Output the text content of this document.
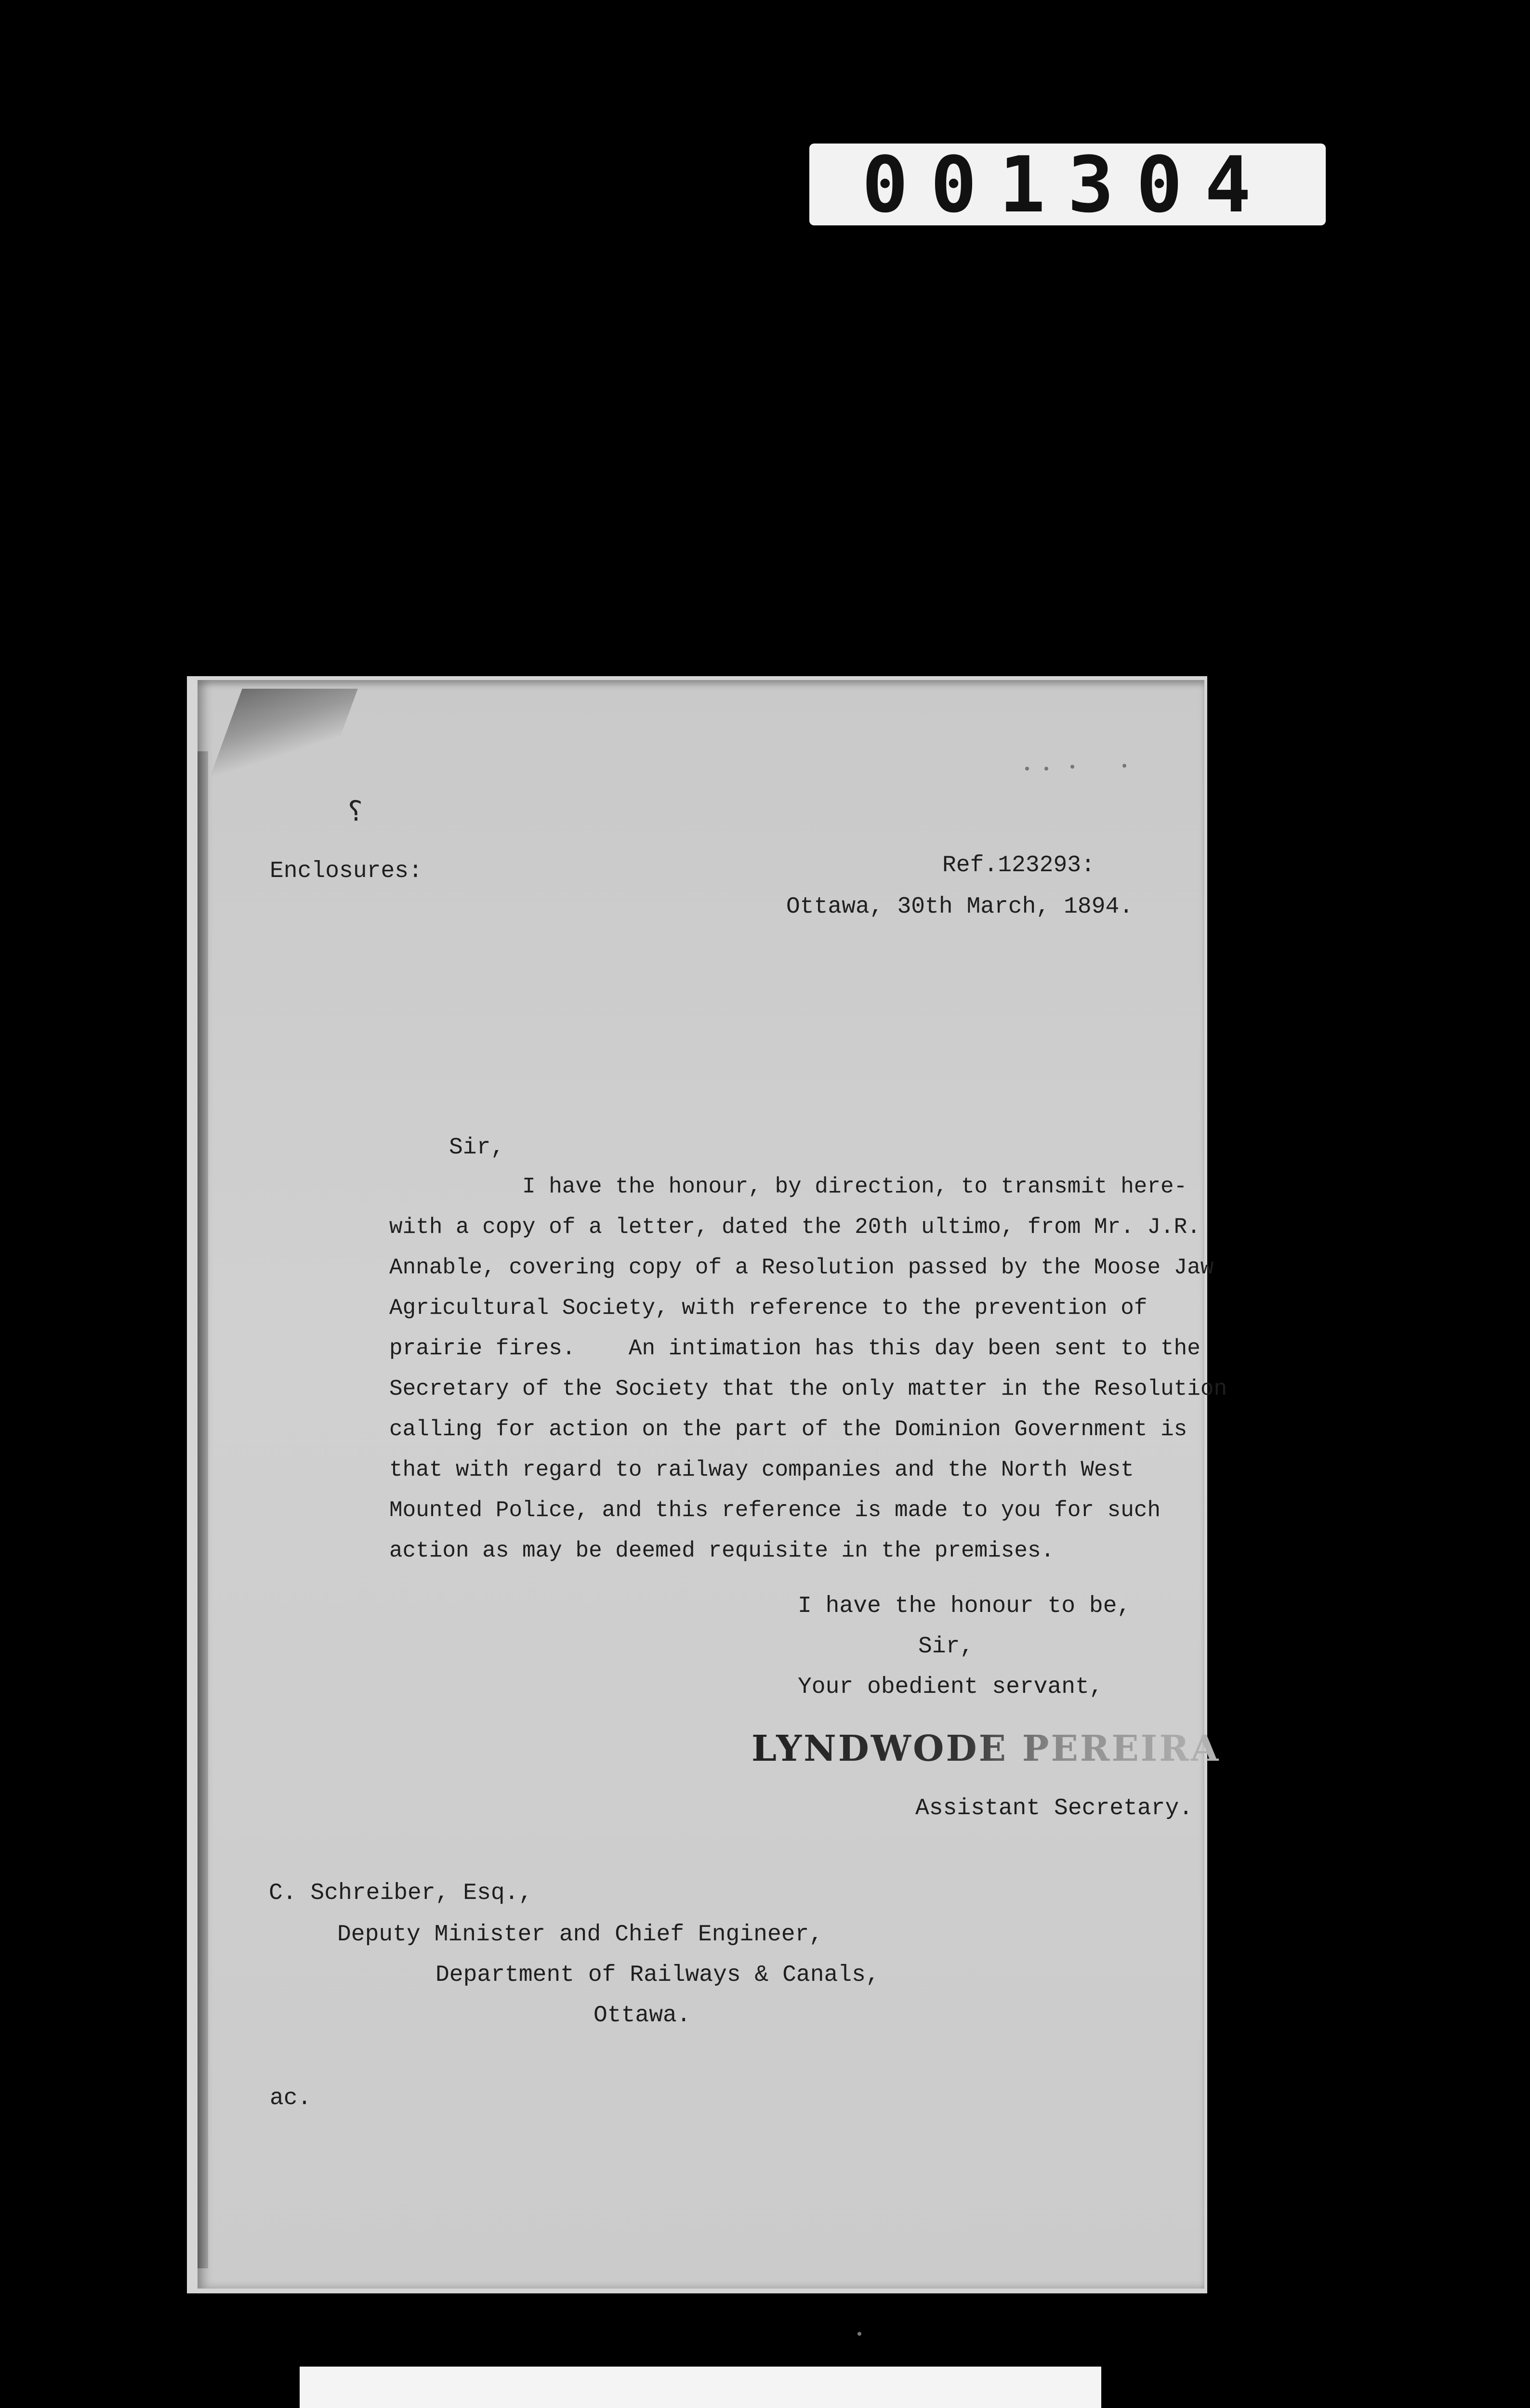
001304
⸮
Enclosures:	Ref.123293:
Ottawa, 30th March, 1894.
Sir,
I have the honour, by direction, to transmit here-
with a copy of a letter, dated the 20th ultimo, from Mr. J.R.
Annable, covering copy of a Resolution passed by the Moose Jaw
Agricultural Society, with reference to the prevention of
prairie fires.    An intimation has this day been sent to the
Secretary of the Society that the only matter in the Resolution
calling for action on the part of the Dominion Government is
that with regard to railway companies and the North West
Mounted Police, and this reference is made to you for such
action as may be deemed requisite in the premises.
I have the honour to be,
Sir,
Your obedient servant,
LYNDWODE PEREIRA
Assistant Secretary.
C. Schreiber, Esq.,
Deputy Minister and Chief Engineer,
Department of Railways & Canals,
Ottawa.
ac.
